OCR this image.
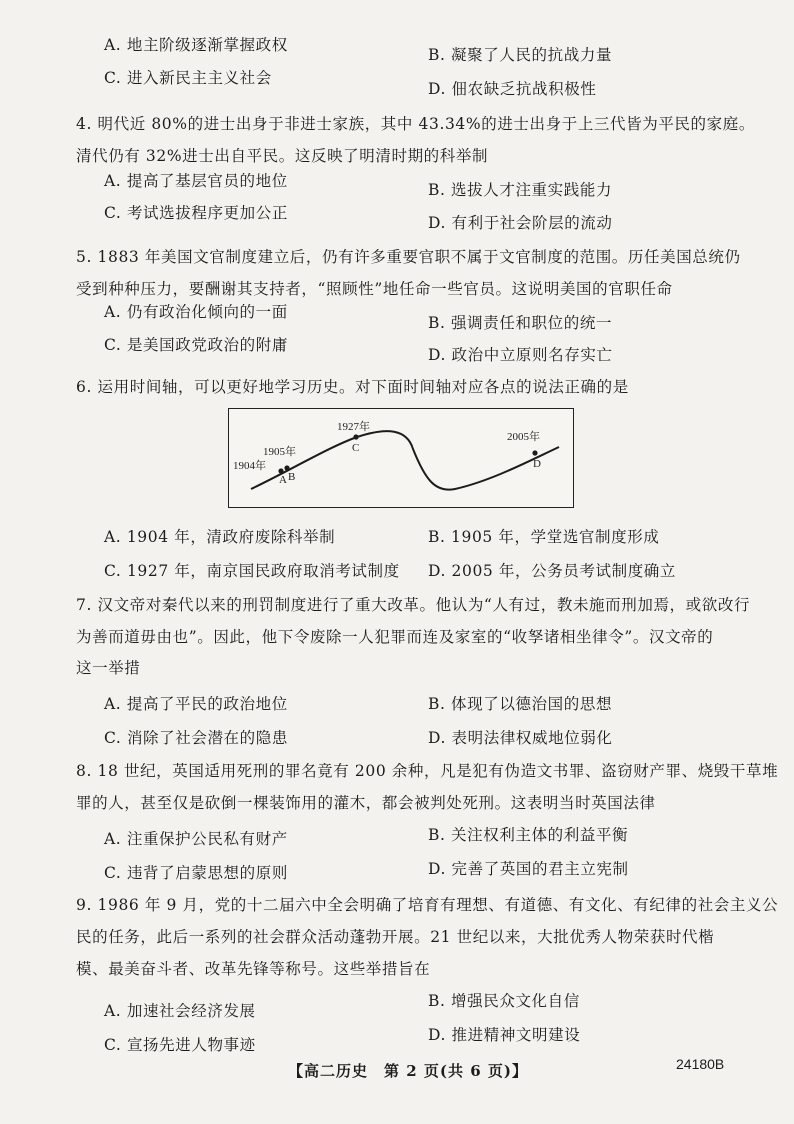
A. 地主阶级逐渐掌握政权
B. 凝聚了人民的抗战力量
C. 进入新民主主义社会
D. 佃农缺乏抗战积极性
4. 明代近 80%的进士出身于非进士家族，其中 43.34%的进士出身于上三代皆为平民的家庭。
清代仍有 32%进士出自平民。这反映了明清时期的科举制
A. 提高了基层官员的地位	B. 选拔人才注重实践能力
C. 考试选拔程序更加公正
D. 有利于社会阶层的流动
5. 1883 年美国文官制度建立后，仍有许多重要官职不属于文官制度的范围。历任美国总统仍
受到种种压力，要酬谢其支持者，“照顾性”地任命一些官员。这说明美国的官职任命
A. 仍有政治化倾向的一面
B. 强调责任和职位的统一
C. 是美国政党政治的附庸
D. 政治中立原则名存实亡
6. 运用时间轴，可以更好地学习历史。对下面时间轴对应各点的说法正确的是
1904年
1905年
1927年
2005年
A B
C
D
A. 1904 年，清政府废除科举制	B. 1905 年，学堂选官制度形成
C. 1927 年，南京国民政府取消考试制度 D. 2005 年，公务员考试制度确立
7. 汉文帝对秦代以来的刑罚制度进行了重大改革。他认为“人有过，教未施而刑加焉，或欲改行
为善而道毋由也”。因此，他下令废除一人犯罪而连及家室的“收孥诸相坐律令”。汉文帝的
这一举措
A. 提高了平民的政治地位	B. 体现了以德治国的思想
C. 消除了社会潜在的隐患	D. 表明法律权威地位弱化
8. 18 世纪，英国适用死刑的罪名竟有 200 余种，凡是犯有伪造文书罪、盗窃财产罪、烧毁干草堆
罪的人，甚至仅是砍倒一棵装饰用的灌木，都会被判处死刑。这表明当时英国法律
A. 注重保护公民私有财产	B. 关注权利主体的利益平衡
C. 违背了启蒙思想的原则	D. 完善了英国的君主立宪制
9. 1986 年 9 月，党的十二届六中全会明确了培育有理想、有道德、有文化、有纪律的社会主义公
民的任务，此后一系列的社会群众活动蓬勃开展。21 世纪以来，大批优秀人物荣获时代楷
模、最美奋斗者、改革先锋等称号。这些举措旨在
A. 加速社会经济发展
B. 增强民众文化自信
C. 宣扬先进人物事迹
D. 推进精神文明建设
【高二历史　第 2 页(共 6 页)】	24180B
